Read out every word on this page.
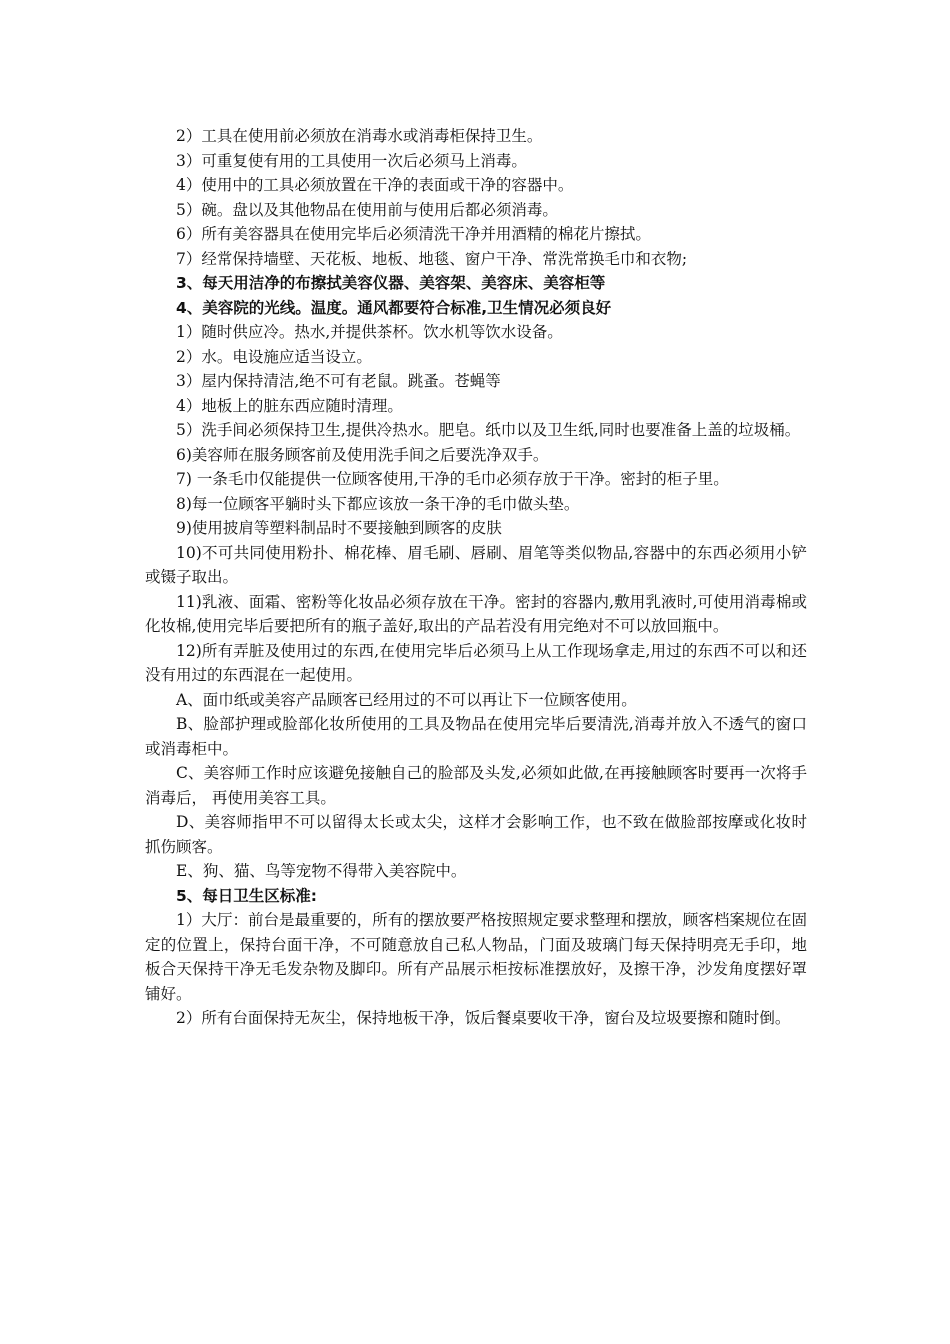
2）工具在使用前必须放在消毒水或消毒柜保持卫生。

3）可重复使有用的工具使用一次后必须马上消毒。

4）使用中的工具必须放置在干净的表面或干净的容器中。

5）碗。盘以及其他物品在使用前与使用后都必须消毒。

6）所有美容器具在使用完毕后必须清洗干净并用酒精的棉花片擦拭。

7）经常保持墙壁、天花板、地板、地毯、窗户干净、常洗常换毛巾和衣物;

3、每天用洁净的布擦拭美容仪器、美容架、美容床、美容柜等

4、美容院的光线。温度。通风都要符合标准,卫生情况必须良好

1）随时供应冷。热水,并提供茶杯。饮水机等饮水设备。

2）水。电设施应适当设立。

3）屋内保持清洁,绝不可有老鼠。跳蚤。苍蝇等

4）地板上的脏东西应随时清理。

5）洗手间必须保持卫生,提供冷热水。肥皂。纸巾以及卫生纸,同时也要准备上盖的垃圾桶。

6)美容师在服务顾客前及使用洗手间之后要洗净双手。

7) 一条毛巾仅能提供一位顾客使用,干净的毛巾必须存放于干净。密封的柜子里。

8)每一位顾客平躺时头下都应该放一条干净的毛巾做头垫。

9)使用披肩等塑料制品时不要接触到顾客的皮肤

10)不可共同使用粉扑、棉花棒、眉毛刷、唇刷、眉笔等类似物品,容器中的东西必须用小铲或镊子取出。

11)乳液、面霜、密粉等化妆品必须存放在干净。密封的容器内,敷用乳液时,可使用消毒棉或化妆棉,使用完毕后要把所有的瓶子盖好,取出的产品若没有用完绝对不可以放回瓶中。

12)所有弄脏及使用过的东西,在使用完毕后必须马上从工作现场拿走,用过的东西不可以和还没有用过的东西混在一起使用。

A、面巾纸或美容产品顾客已经用过的不可以再让下一位顾客使用。

B、脸部护理或脸部化妆所使用的工具及物品在使用完毕后要清洗,消毒并放入不透气的窗口或消毒柜中。

C、美容师工作时应该避免接触自己的脸部及头发,必须如此做,在再接触顾客时要再一次将手消毒后， 再使用美容工具。

D、美容师指甲不可以留得太长或太尖，这样才会影响工作，也不致在做脸部按摩或化妆时抓伤顾客。

E、狗、猫、鸟等宠物不得带入美容院中。

5、每日卫生区标准:

1）大厅：前台是最重要的，所有的摆放要严格按照规定要求整理和摆放，顾客档案规位在固定的位置上，保持台面干净，不可随意放自己私人物品，门面及玻璃门每天保持明亮无手印，地板合天保持干净无毛发杂物及脚印。所有产品展示柜按标准摆放好，及擦干净，沙发角度摆好罩铺好。

2）所有台面保持无灰尘，保持地板干净，饭后餐桌要收干净，窗台及垃圾要擦和随时倒。
